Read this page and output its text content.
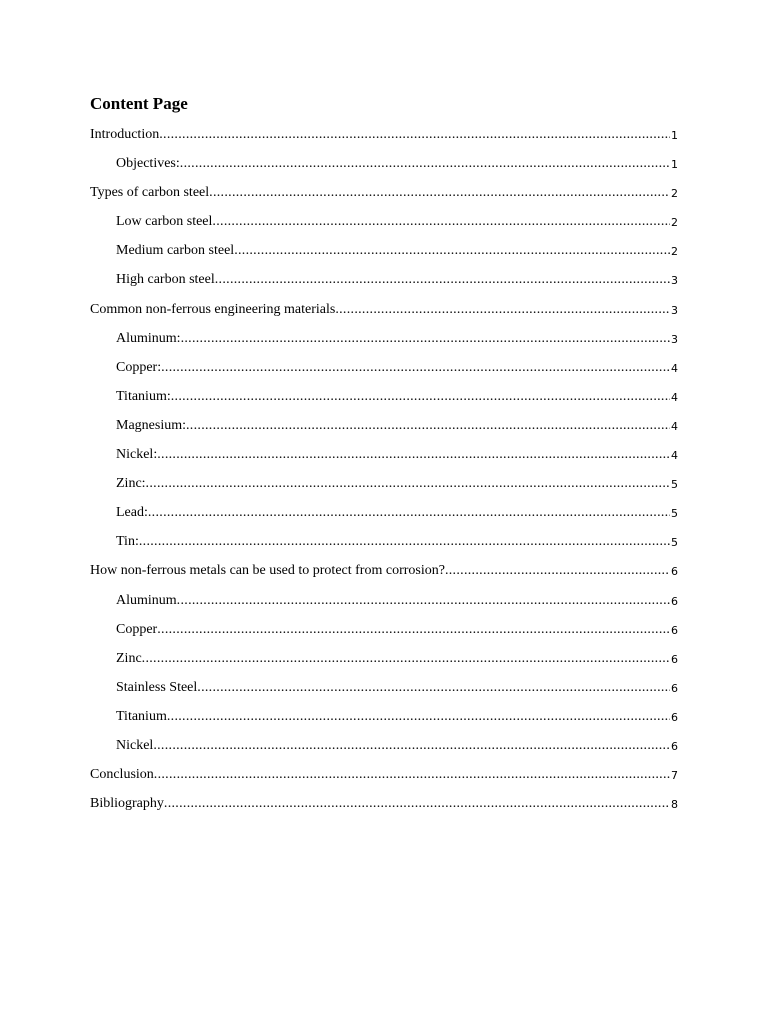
Content Page
Introduction .....	1
Objectives: .....	1
Types of carbon steel .....	2
Low carbon steel .....	2
Medium carbon steel .....	2
High carbon steel .....	3
Common non-ferrous engineering materials .....	3
Aluminum: .....	3
Copper: .....	4
Titanium: .....	4
Magnesium: .....	4
Nickel: .....	4
Zinc: .....	5
Lead: .....	5
Tin: .....	5
How non-ferrous metals can be used to protect from corrosion? .....	6
Aluminum .....	6
Copper .....	6
Zinc .....	6
Stainless Steel .....	6
Titanium .....	6
Nickel .....	6
Conclusion .....	7
Bibliography .....	8
